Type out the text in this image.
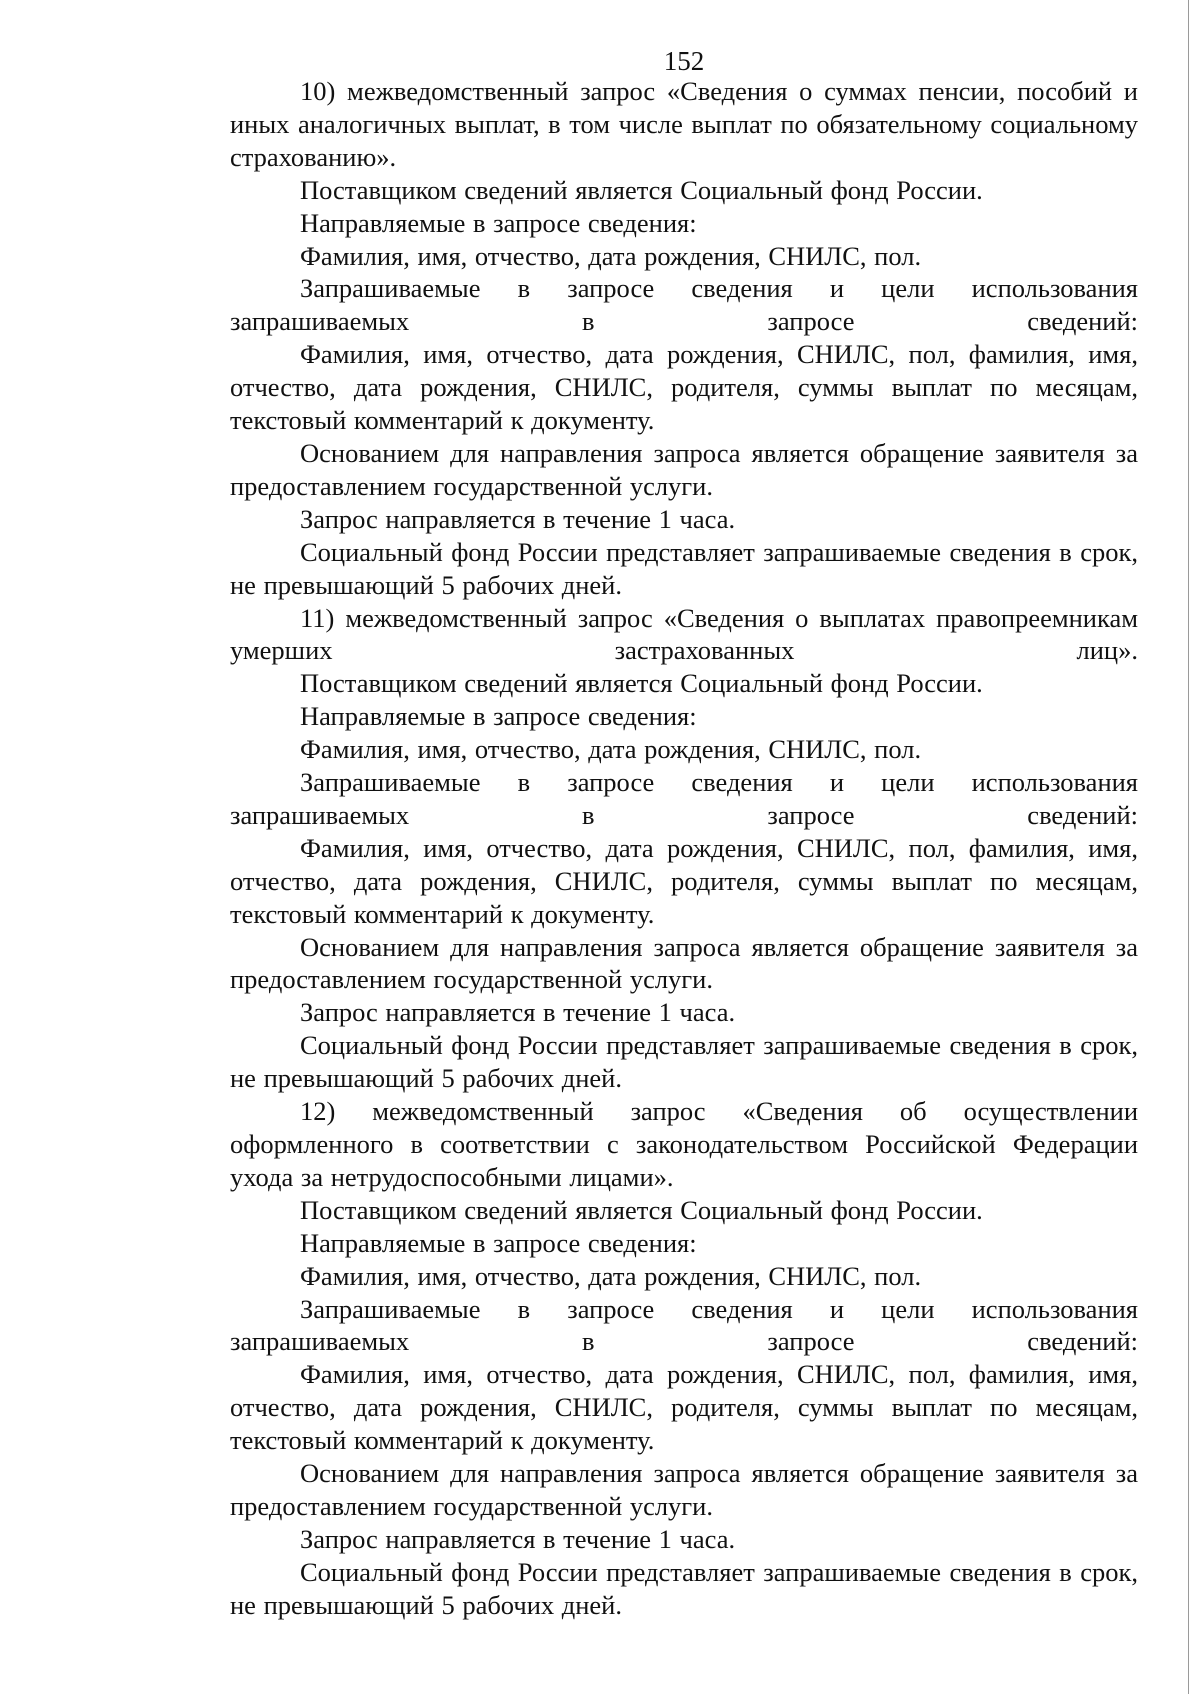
152

10) межведомственный запрос «Сведения о суммах пенсии, пособий и иных аналогичных выплат, в том числе выплат по обязательному социальному страхованию».

Поставщиком сведений является Социальный фонд России.

Направляемые в запросе сведения:

Фамилия, имя, отчество, дата рождения, СНИЛС, пол.

Запрашиваемые в запросе сведения и цели использования запрашиваемых в запросе сведений:

Фамилия, имя, отчество, дата рождения, СНИЛС, пол, фамилия, имя, отчество, дата рождения, СНИЛС, родителя, суммы выплат по месяцам, текстовый комментарий к документу.

Основанием для направления запроса является обращение заявителя за предоставлением государственной услуги.

Запрос направляется в течение 1 часа.

Социальный фонд России представляет запрашиваемые сведения в срок, не превышающий 5 рабочих дней.

11) межведомственный запрос «Сведения о выплатах правопреемникам умерших застрахованных лиц».

Поставщиком сведений является Социальный фонд России.

Направляемые в запросе сведения:

Фамилия, имя, отчество, дата рождения, СНИЛС, пол.

Запрашиваемые в запросе сведения и цели использования запрашиваемых в запросе сведений:

Фамилия, имя, отчество, дата рождения, СНИЛС, пол, фамилия, имя, отчество, дата рождения, СНИЛС, родителя, суммы выплат по месяцам, текстовый комментарий к документу.

Основанием для направления запроса является обращение заявителя за предоставлением государственной услуги.

Запрос направляется в течение 1 часа.

Социальный фонд России представляет запрашиваемые сведения в срок, не превышающий 5 рабочих дней.

12) межведомственный запрос «Сведения об осуществлении оформленного в соответствии с законодательством Российской Федерации ухода за нетрудоспособными лицами».

Поставщиком сведений является Социальный фонд России.

Направляемые в запросе сведения:

Фамилия, имя, отчество, дата рождения, СНИЛС, пол.

Запрашиваемые в запросе сведения и цели использования запрашиваемых в запросе сведений:

Фамилия, имя, отчество, дата рождения, СНИЛС, пол, фамилия, имя, отчество, дата рождения, СНИЛС, родителя, суммы выплат по месяцам, текстовый комментарий к документу.

Основанием для направления запроса является обращение заявителя за предоставлением государственной услуги.

Запрос направляется в течение 1 часа.

Социальный фонд России представляет запрашиваемые сведения в срок, не превышающий 5 рабочих дней.
